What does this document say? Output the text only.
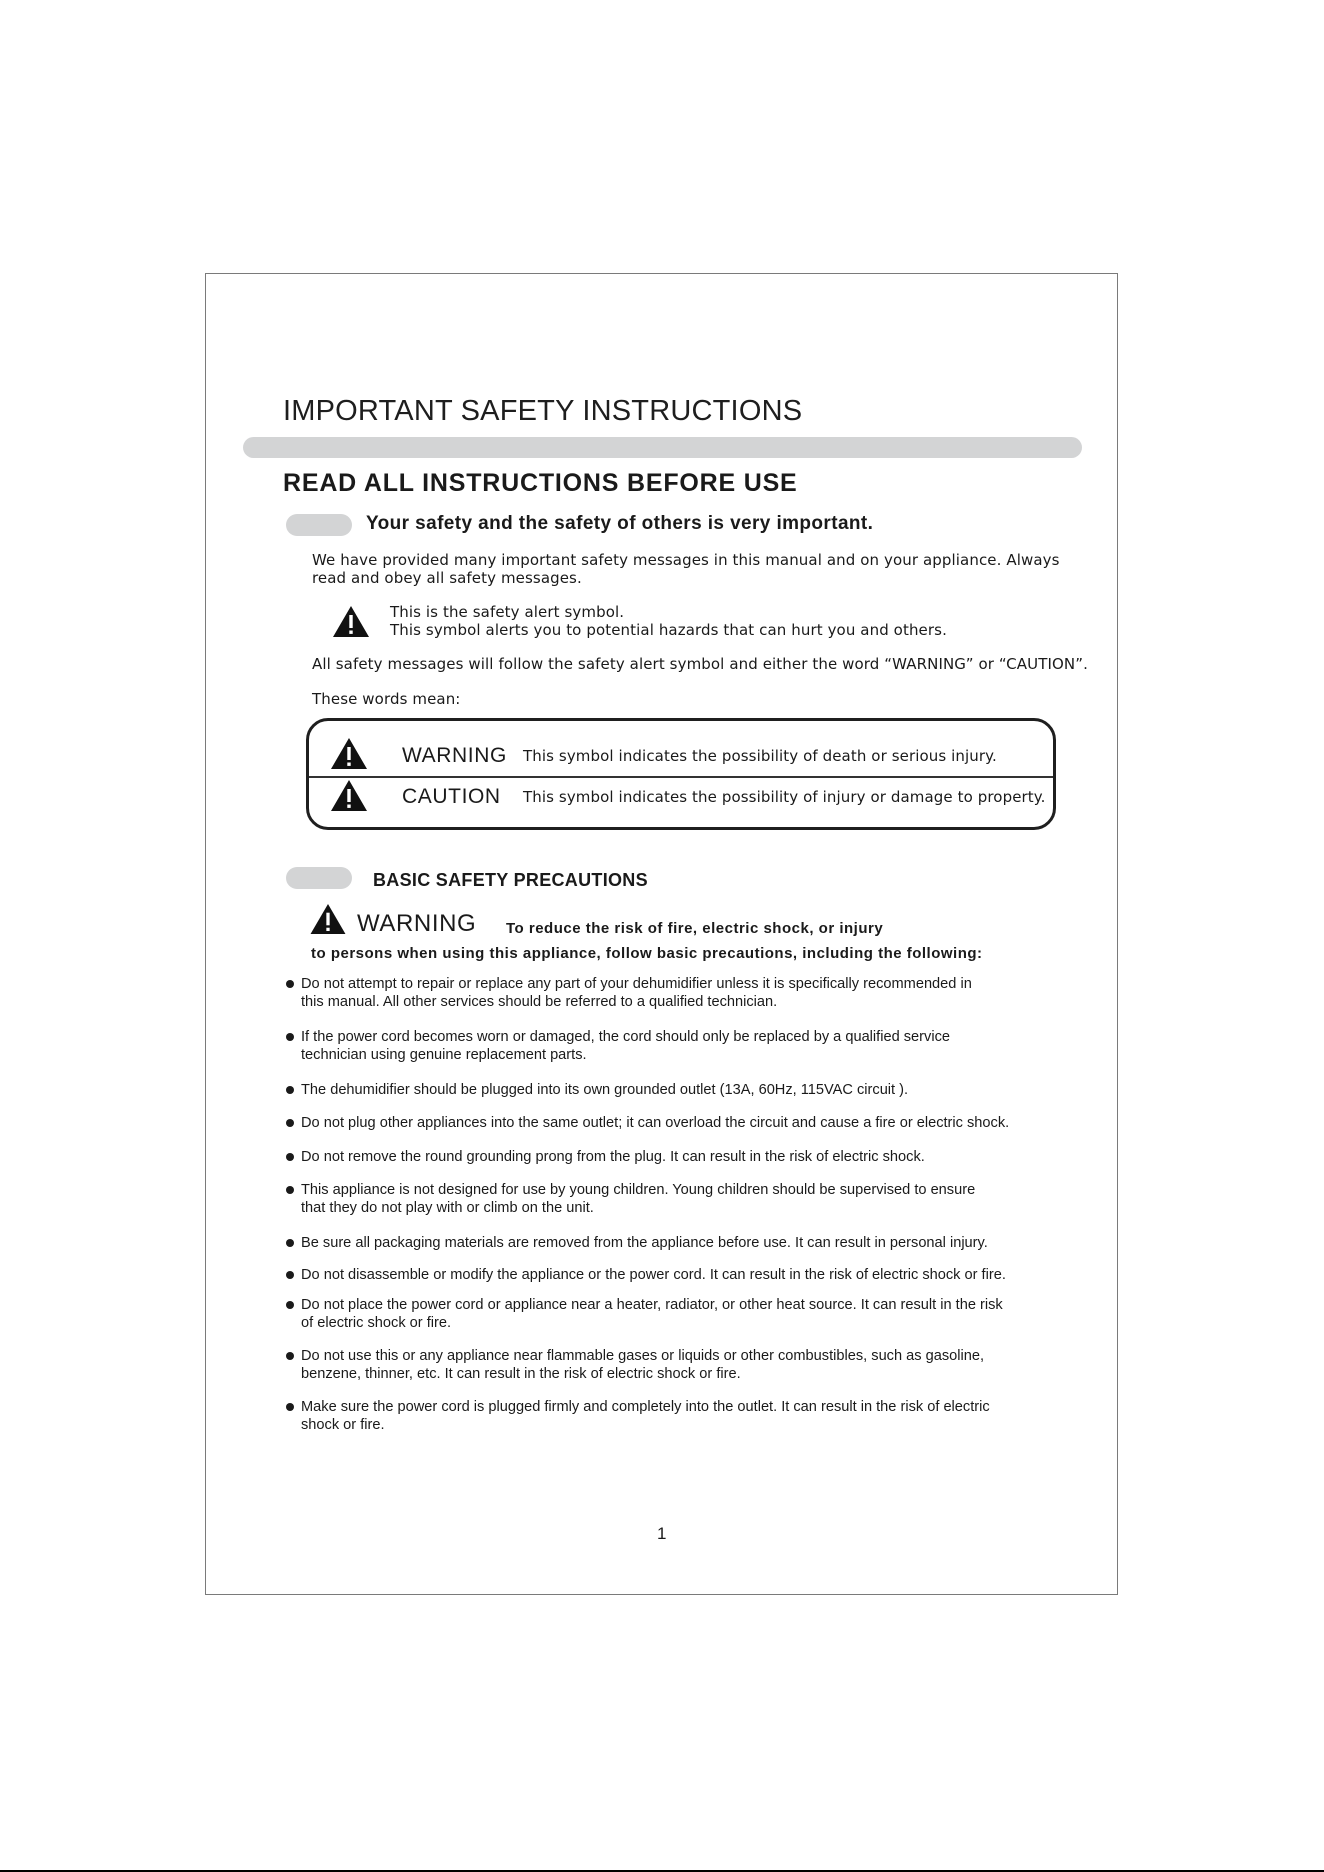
IMPORTANT SAFETY INSTRUCTIONS
READ ALL INSTRUCTIONS BEFORE USE
Your safety and the safety of others is very important.
We have provided many important safety messages in this manual and on your appliance. Always
read and obey all safety messages.
This is the safety alert symbol.
This symbol alerts you to potential hazards that can hurt you and others.
All safety messages will follow the safety alert symbol and either the word “WARNING” or “CAUTION”.
These words mean:
WARNING This symbol indicates the possibility of death or serious injury.
CAUTION This symbol indicates the possibility of injury or damage to property.
BASIC SAFETY PRECAUTIONS
WARNING To reduce the risk of fire, electric shock, or injury
to persons when using this appliance, follow basic precautions, including the following:
Do not attempt to repair or replace any part of your dehumidifier unless it is specifically recommended in
this manual. All other services should be referred to a qualified technician.
If the power cord becomes worn or damaged, the cord should only be replaced by a qualified service
technician using genuine replacement parts.
The dehumidifier should be plugged into its own grounded outlet (13A, 60Hz, 115VAC circuit ).
Do not plug other appliances into the same outlet; it can overload the circuit and cause a fire or electric shock.
Do not remove the round grounding prong from the plug. It can result in the risk of electric shock.
This appliance is not designed for use by young children. Young children should be supervised to ensure
that they do not play with or climb on the unit.
Be sure all packaging materials are removed from the appliance before use. It can result in personal injury.
Do not disassemble or modify the appliance or the power cord. It can result in the risk of electric shock or fire.
Do not place the power cord or appliance near a heater, radiator, or other heat source. It can result in the risk
of electric shock or fire.
Do not use this or any appliance near flammable gases or liquids or other combustibles, such as gasoline,
benzene, thinner, etc. It can result in the risk of electric shock or fire.
Make sure the power cord is plugged firmly and completely into the outlet. It can result in the risk of electric
shock or fire.
1
